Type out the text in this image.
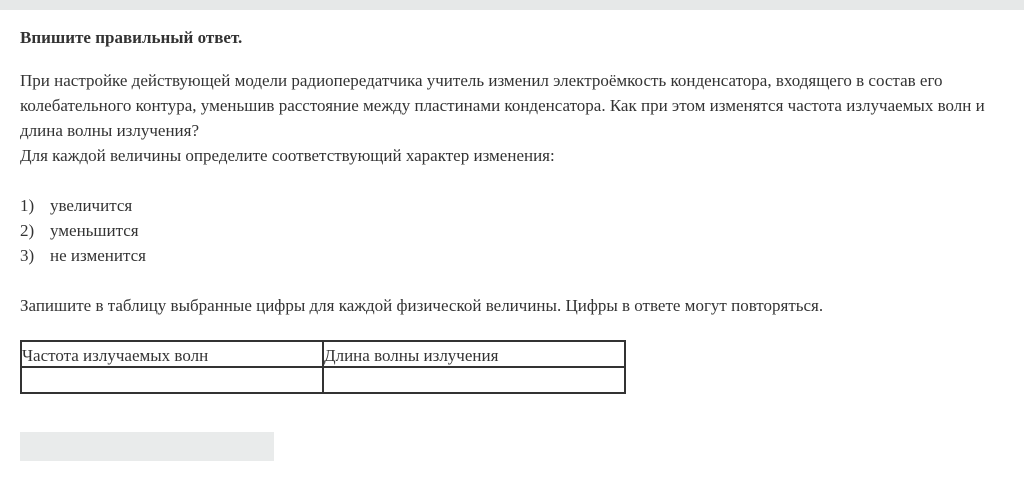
Впишите правильный ответ.

При настройке действующей модели радиопередатчика учитель изменил электроёмкость конденсатора, входящего в состав его колебательного контура, уменьшив расстояние между пластинами конденсатора. Как при этом изменятся частота излучаемых волн и длина волны излучения?

Для каждой величины определите соответствующий характер изменения:

1) увеличится
2) уменьшится
3) не изменится

Запишите в таблицу выбранные цифры для каждой физической величины. Цифры в ответе могут повторяться.

Частота излучаемых волн	Длина волны излучения
